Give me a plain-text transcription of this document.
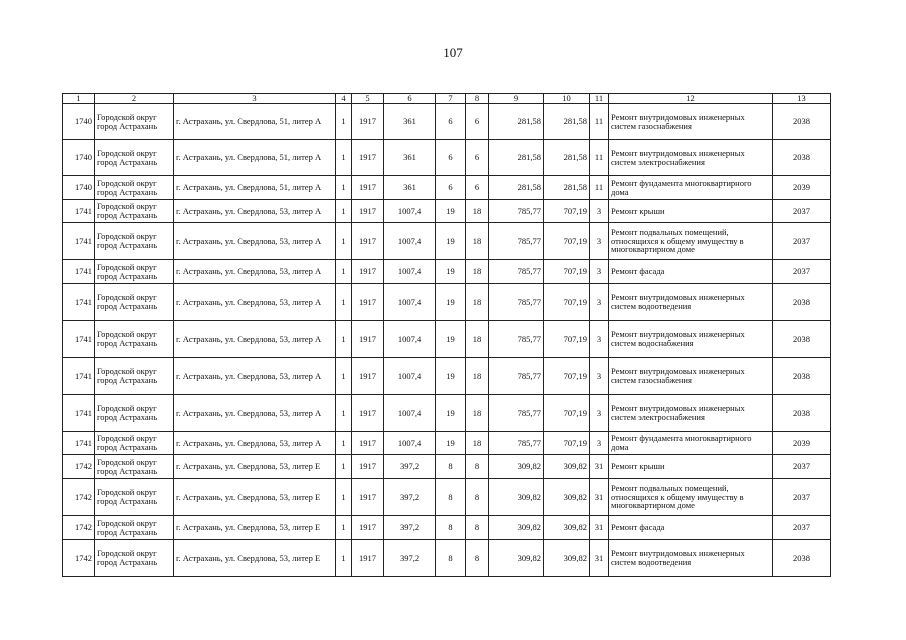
107
1	2	3	4	5	6	7	8	9	10	11	12	13
1740	Городской округ город Астрахань	г. Астрахань, ул. Свердлова, 51, литер А	1	1917	361	6	6	281,58	281,58	11	Ремонт внутридомовых инженерных систем газоснабжения	2038
1740	Городской округ город Астрахань	г. Астрахань, ул. Свердлова, 51, литер А	1	1917	361	6	6	281,58	281,58	11	Ремонт внутридомовых инженерных систем электроснабжения	2038
1740	Городской округ город Астрахань	г. Астрахань, ул. Свердлова, 51, литер А	1	1917	361	6	6	281,58	281,58	11	Ремонт фундамента многоквартирного дома	2039
1741	Городской округ город Астрахань	г. Астрахань, ул. Свердлова, 53, литер А	1	1917	1007,4	19	18	785,77	707,19	3	Ремонт крыши	2037
1741	Городской округ город Астрахань	г. Астрахань, ул. Свердлова, 53, литер А	1	1917	1007,4	19	18	785,77	707,19	3	Ремонт подвальных помещений, относящихся к общему имуществу в многоквартирном доме	2037
1741	Городской округ город Астрахань	г. Астрахань, ул. Свердлова, 53, литер А	1	1917	1007,4	19	18	785,77	707,19	3	Ремонт фасада	2037
1741	Городской округ город Астрахань	г. Астрахань, ул. Свердлова, 53, литер А	1	1917	1007,4	19	18	785,77	707,19	3	Ремонт внутридомовых инженерных систем водоотведения	2038
1741	Городской округ город Астрахань	г. Астрахань, ул. Свердлова, 53, литер А	1	1917	1007,4	19	18	785,77	707,19	3	Ремонт внутридомовых инженерных систем водоснабжения	2038
1741	Городской округ город Астрахань	г. Астрахань, ул. Свердлова, 53, литер А	1	1917	1007,4	19	18	785,77	707,19	3	Ремонт внутридомовых инженерных систем газоснабжения	2038
1741	Городской округ город Астрахань	г. Астрахань, ул. Свердлова, 53, литер А	1	1917	1007,4	19	18	785,77	707,19	3	Ремонт внутридомовых инженерных систем электроснабжения	2038
1741	Городской округ город Астрахань	г. Астрахань, ул. Свердлова, 53, литер А	1	1917	1007,4	19	18	785,77	707,19	3	Ремонт фундамента многоквартирного дома	2039
1742	Городской округ город Астрахань	г. Астрахань, ул. Свердлова, 53, литер Е	1	1917	397,2	8	8	309,82	309,82	31	Ремонт крыши	2037
1742	Городской округ город Астрахань	г. Астрахань, ул. Свердлова, 53, литер Е	1	1917	397,2	8	8	309,82	309,82	31	Ремонт подвальных помещений, относящихся к общему имуществу в многоквартирном доме	2037
1742	Городской округ город Астрахань	г. Астрахань, ул. Свердлова, 53, литер Е	1	1917	397,2	8	8	309,82	309,82	31	Ремонт фасада	2037
1742	Городской округ город Астрахань	г. Астрахань, ул. Свердлова, 53, литер Е	1	1917	397,2	8	8	309,82	309,82	31	Ремонт внутридомовых инженерных систем водоотведения	2038
